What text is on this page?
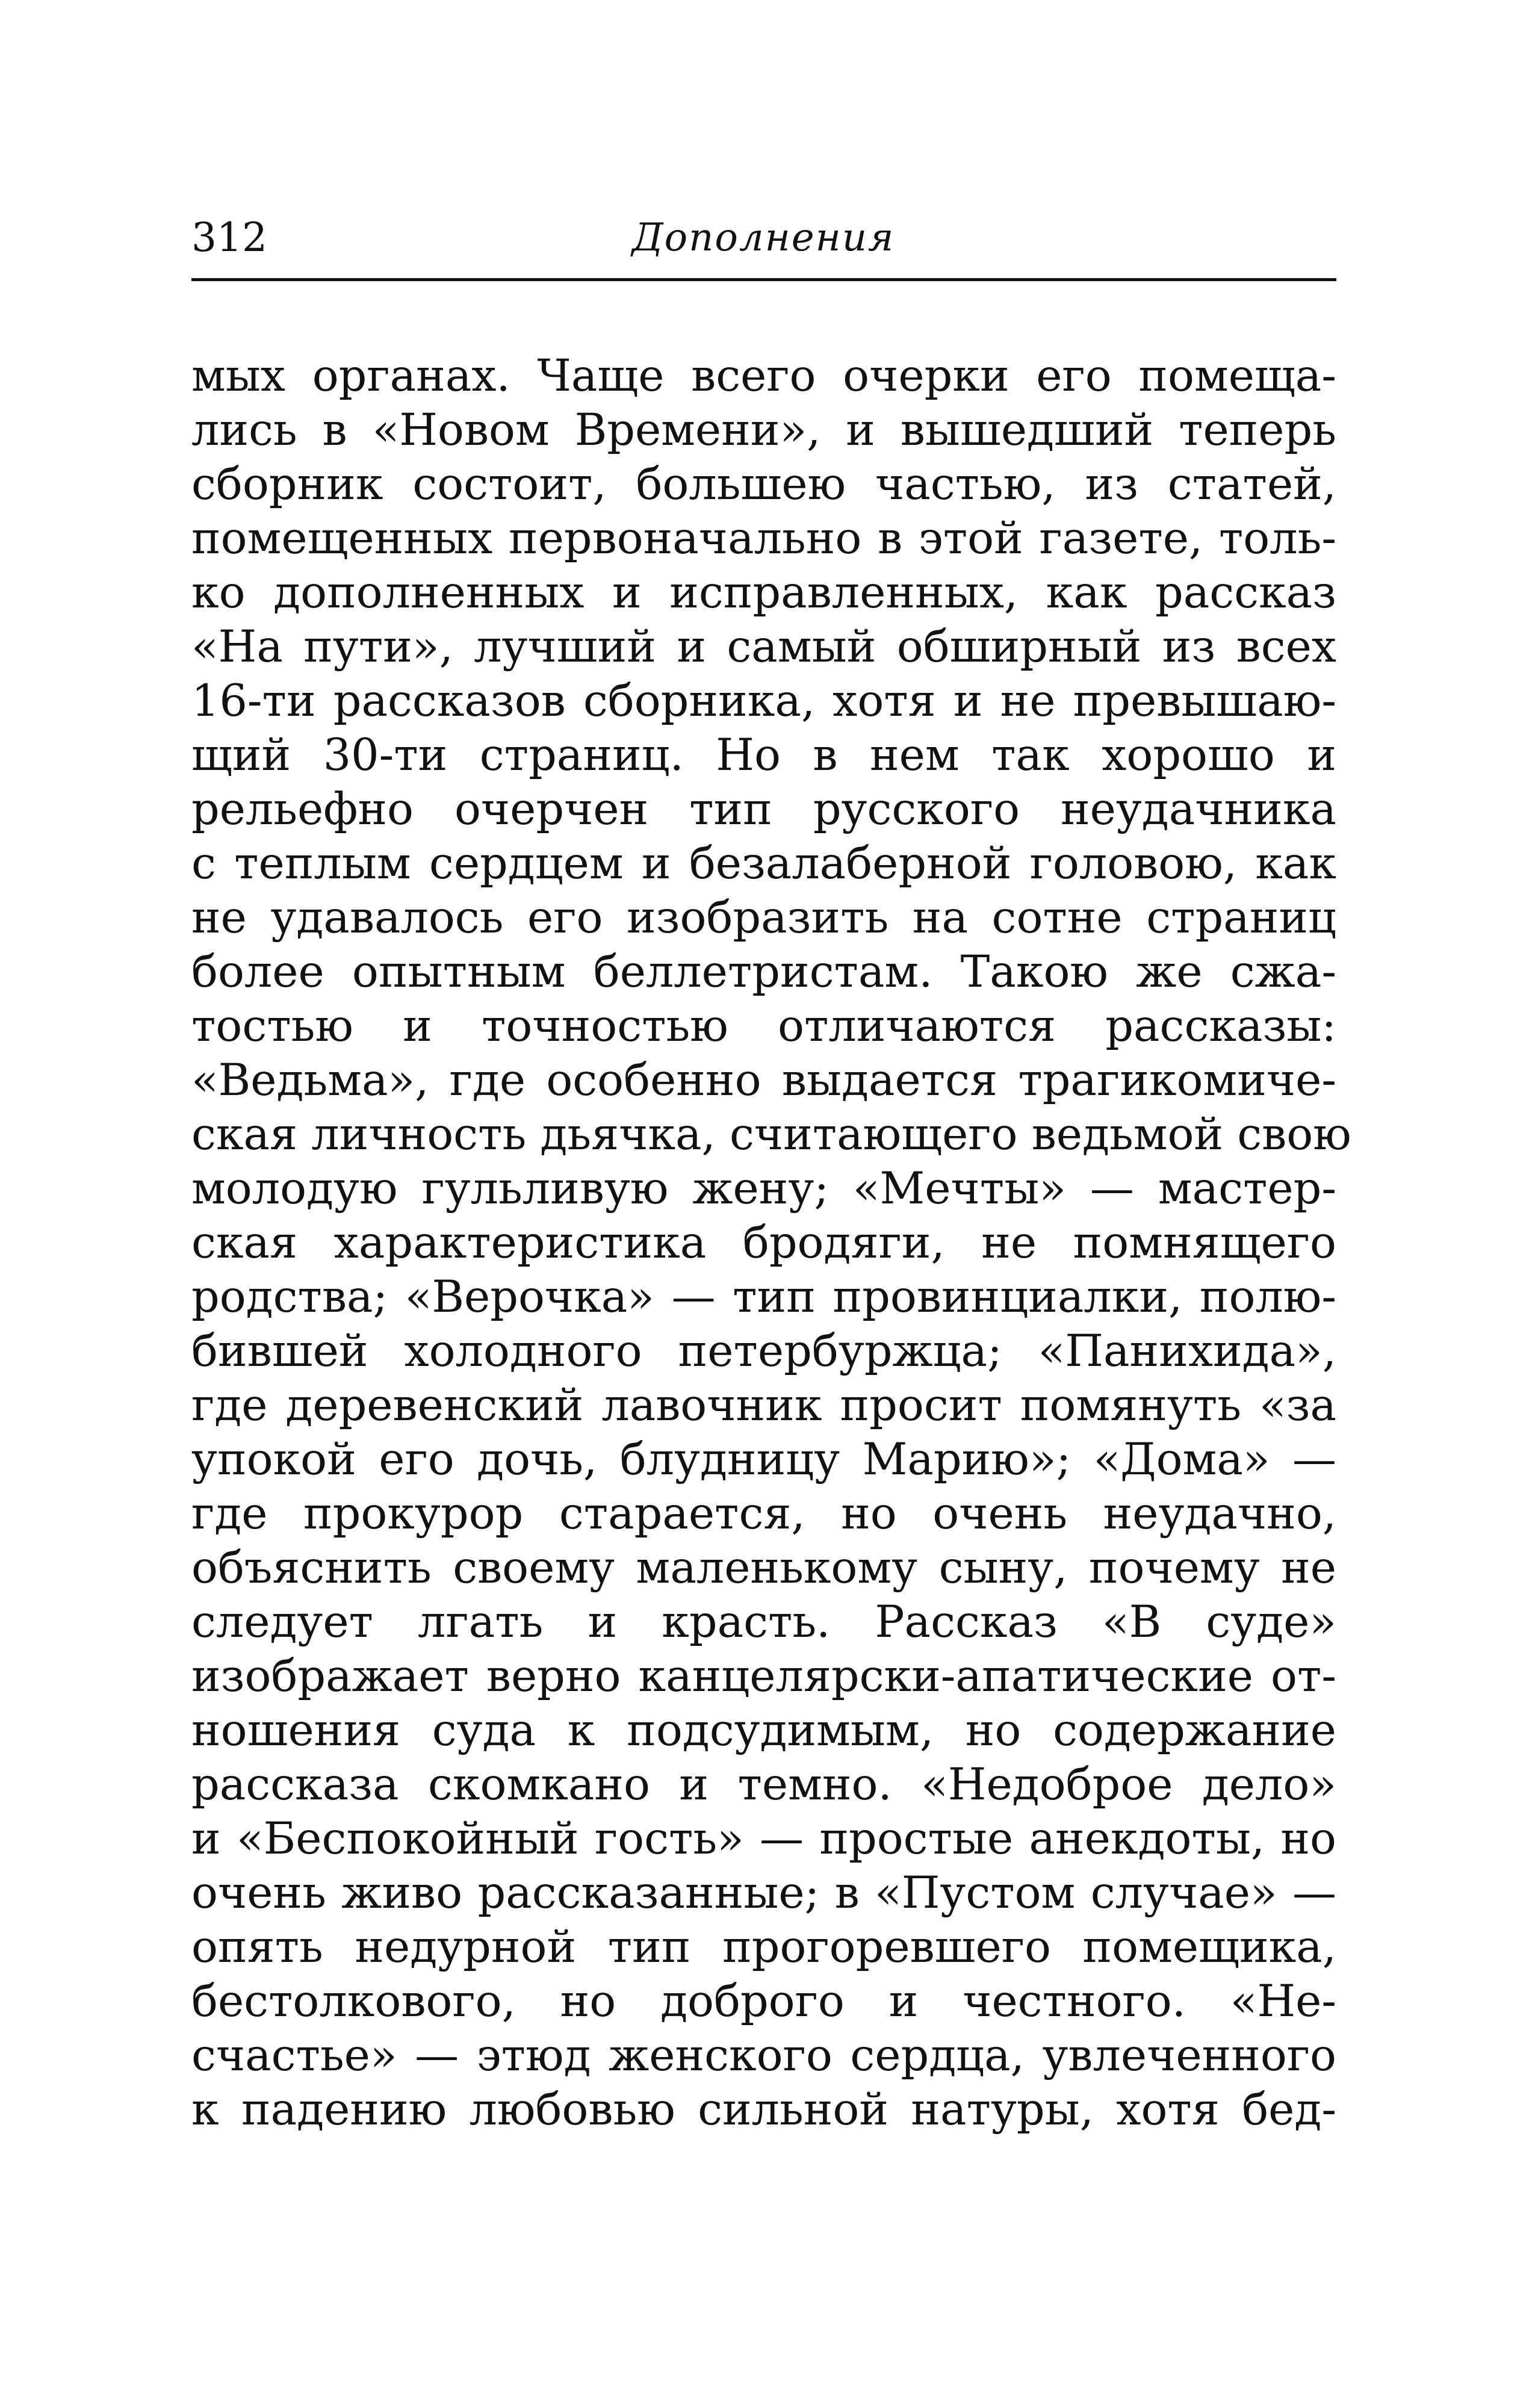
312	Дополнения
мых органах. Чаще всего очерки его помеща-
лись в «Новом Времени», и вышедший теперь
сборник состоит, большею частью, из статей,
помещенных первоначально в этой газете, толь-
ко дополненных и исправленных, как рассказ
«На пути», лучший и самый обширный из всех
16-ти рассказов сборника, хотя и не превышаю-
щий 30-ти страниц. Но в нем так хорошо и
рельефно очерчен тип русского неудачника
с теплым сердцем и безалаберной головою, как
не удавалось его изобразить на сотне страниц
более опытным беллетристам. Такою же сжа-
тостью и точностью отличаются рассказы:
«Ведьма», где особенно выдается трагикомиче-
ская личность дьячка, считающего ведьмой свою
молодую гульливую жену; «Мечты» — мастер-
ская характеристика бродяги, не помнящего
родства; «Верочка» — тип провинциалки, полю-
бившей холодного петербуржца; «Панихида»,
где деревенский лавочник просит помянуть «за
упокой его дочь, блудницу Марию»; «Дома» —
где прокурор старается, но очень неудачно,
объяснить своему маленькому сыну, почему не
следует лгать и красть. Рассказ «В суде»
изображает верно канцелярски-апатические от-
ношения суда к подсудимым, но содержание
рассказа скомкано и темно. «Недоброе дело»
и «Беспокойный гость» — простые анекдоты, но
очень живо рассказанные; в «Пустом случае» —
опять недурной тип прогоревшего помещика,
бестолкового, но доброго и честного. «Не-
счастье» — этюд женского сердца, увлеченного
к падению любовью сильной натуры, хотя бед-
